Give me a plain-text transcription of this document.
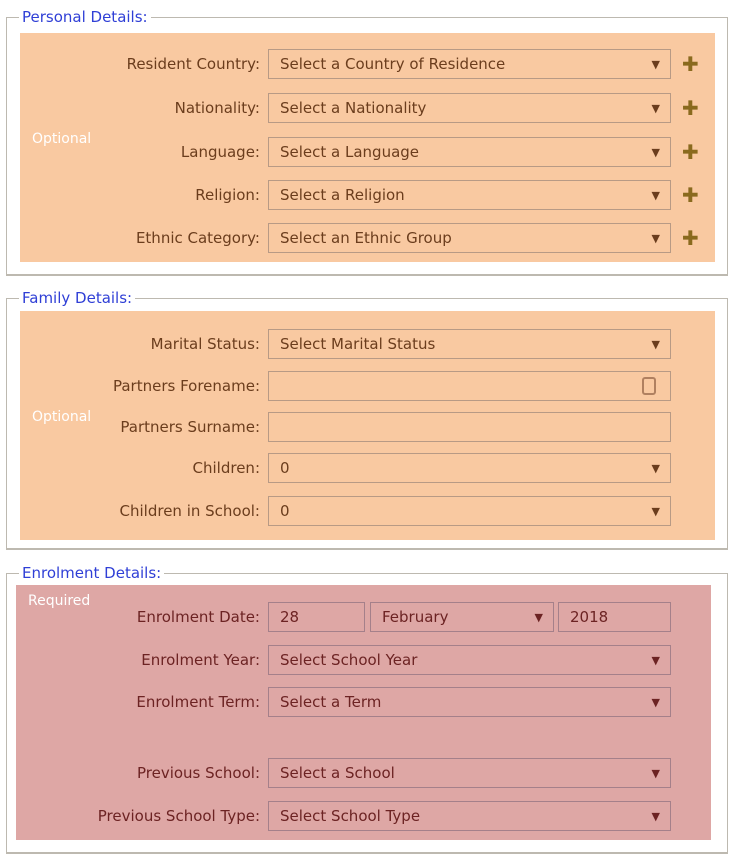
Personal Details:
Optional
Family Details:
Optional
Enrolment Details:
Required
Resident Country:	Select a Country of Residence	▼ ✚
Nationality:	Select a Nationality	▼ ✚
Language:	Select a Language	▼ ✚
Religion:	Select a Religion	▼ ✚
Ethnic Category:	Select an Ethnic Group	▼ ✚
Marital Status:	Select Marital Status	▼
Partners Forename:
Partners Surname:
Children:	0	▼
Children in School:	0	▼
Enrolment Date:	28	February	▼	2018
Enrolment Year:	Select School Year	▼
Enrolment Term:	Select a Term	▼
Previous School:	Select a School	▼
Previous School Type:	Select School Type	▼
